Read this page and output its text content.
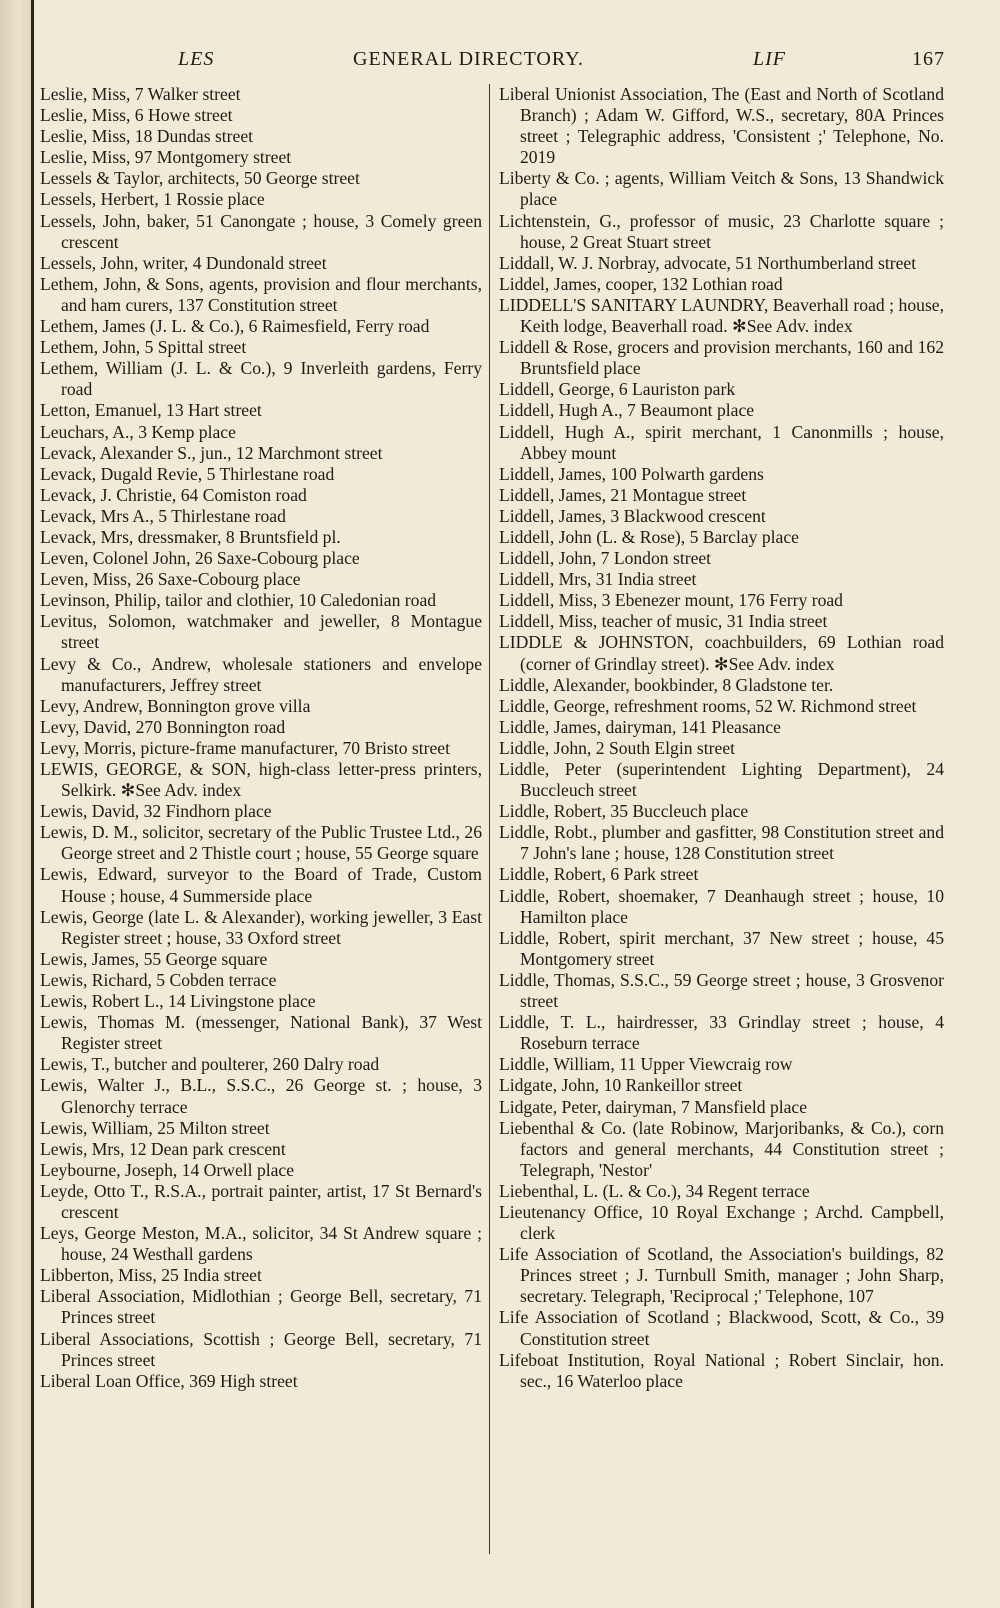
LES	GENERAL DIRECTORY.	LIF	167

Leslie, Miss, 7 Walker street

Leslie, Miss, 6 Howe street

Leslie, Miss, 18 Dundas street

Leslie, Miss, 97 Montgomery street

Lessels & Taylor, architects, 50 George street

Lessels, Herbert, 1 Rossie place

Lessels, John, baker, 51 Canongate ; house, 3 Comely green crescent

Lessels, John, writer, 4 Dundonald street

Lethem, John, & Sons, agents, provision and flour merchants, and ham curers, 137 Constitution street

Lethem, James (J. L. & Co.), 6 Raimesfield, Ferry road

Lethem, John, 5 Spittal street

Lethem, William (J. L. & Co.), 9 Inverleith gardens, Ferry road

Letton, Emanuel, 13 Hart street

Leuchars, A., 3 Kemp place

Levack, Alexander S., jun., 12 Marchmont street

Levack, Dugald Revie, 5 Thirlestane road

Levack, J. Christie, 64 Comiston road

Levack, Mrs A., 5 Thirlestane road

Levack, Mrs, dressmaker, 8 Bruntsfield pl.

Leven, Colonel John, 26 Saxe-Cobourg place

Leven, Miss, 26 Saxe-Cobourg place

Levinson, Philip, tailor and clothier, 10 Caledonian road

Levitus, Solomon, watchmaker and jeweller, 8 Montague street

Levy & Co., Andrew, wholesale stationers and envelope manufacturers, Jeffrey street

Levy, Andrew, Bonnington grove villa

Levy, David, 270 Bonnington road

Levy, Morris, picture-frame manufacturer, 70 Bristo street

LEWIS, GEORGE, & SON, high-class letter-press printers, Selkirk. ✻See Adv. index

Lewis, David, 32 Findhorn place

Lewis, D. M., solicitor, secretary of the Public Trustee Ltd., 26 George street and 2 Thistle court ; house, 55 George square

Lewis, Edward, surveyor to the Board of Trade, Custom House ; house, 4 Summerside place

Lewis, George (late L. & Alexander), working jeweller, 3 East Register street ; house, 33 Oxford street

Lewis, James, 55 George square

Lewis, Richard, 5 Cobden terrace

Lewis, Robert L., 14 Livingstone place

Lewis, Thomas M. (messenger, National Bank), 37 West Register street

Lewis, T., butcher and poulterer, 260 Dalry road

Lewis, Walter J., B.L., S.S.C., 26 George st. ; house, 3 Glenorchy terrace

Lewis, William, 25 Milton street

Lewis, Mrs, 12 Dean park crescent

Leybourne, Joseph, 14 Orwell place

Leyde, Otto T., R.S.A., portrait painter, artist, 17 St Bernard's crescent

Leys, George Meston, M.A., solicitor, 34 St Andrew square ; house, 24 Westhall gardens

Libberton, Miss, 25 India street

Liberal Association, Midlothian ; George Bell, secretary, 71 Princes street

Liberal Associations, Scottish ; George Bell, secretary, 71 Princes street

Liberal Loan Office, 369 High street

Liberal Unionist Association, The (East and North of Scotland Branch) ; Adam W. Gifford, W.S., secretary, 80A Princes street ; Telegraphic address, 'Consistent ;' Telephone, No. 2019

Liberty & Co. ; agents, William Veitch & Sons, 13 Shandwick place

Lichtenstein, G., professor of music, 23 Charlotte square ; house, 2 Great Stuart street

Liddall, W. J. Norbray, advocate, 51 Northumberland street

Liddel, James, cooper, 132 Lothian road

LIDDELL'S SANITARY LAUNDRY, Beaverhall road ; house, Keith lodge, Beaverhall road. ✻See Adv. index

Liddell & Rose, grocers and provision merchants, 160 and 162 Bruntsfield place

Liddell, George, 6 Lauriston park

Liddell, Hugh A., 7 Beaumont place

Liddell, Hugh A., spirit merchant, 1 Canonmills ; house, Abbey mount

Liddell, James, 100 Polwarth gardens

Liddell, James, 21 Montague street

Liddell, James, 3 Blackwood crescent

Liddell, John (L. & Rose), 5 Barclay place

Liddell, John, 7 London street

Liddell, Mrs, 31 India street

Liddell, Miss, 3 Ebenezer mount, 176 Ferry road

Liddell, Miss, teacher of music, 31 India street

LIDDLE & JOHNSTON, coachbuilders, 69 Lothian road (corner of Grindlay street). ✻See Adv. index

Liddle, Alexander, bookbinder, 8 Gladstone ter.

Liddle, George, refreshment rooms, 52 W. Richmond street

Liddle, James, dairyman, 141 Pleasance

Liddle, John, 2 South Elgin street

Liddle, Peter (superintendent Lighting Department), 24 Buccleuch street

Liddle, Robert, 35 Buccleuch place

Liddle, Robt., plumber and gasfitter, 98 Constitution street and 7 John's lane ; house, 128 Constitution street

Liddle, Robert, 6 Park street

Liddle, Robert, shoemaker, 7 Deanhaugh street ; house, 10 Hamilton place

Liddle, Robert, spirit merchant, 37 New street ; house, 45 Montgomery street

Liddle, Thomas, S.S.C., 59 George street ; house, 3 Grosvenor street

Liddle, T. L., hairdresser, 33 Grindlay street ; house, 4 Roseburn terrace

Liddle, William, 11 Upper Viewcraig row

Lidgate, John, 10 Rankeillor street

Lidgate, Peter, dairyman, 7 Mansfield place

Liebenthal & Co. (late Robinow, Marjoribanks, & Co.), corn factors and general merchants, 44 Constitution street ; Telegraph, 'Nestor'

Liebenthal, L. (L. & Co.), 34 Regent terrace

Lieutenancy Office, 10 Royal Exchange ; Archd. Campbell, clerk

Life Association of Scotland, the Association's buildings, 82 Princes street ; J. Turnbull Smith, manager ; John Sharp, secretary. Telegraph, 'Reciprocal ;' Telephone, 107

Life Association of Scotland ; Blackwood, Scott, & Co., 39 Constitution street

Lifeboat Institution, Royal National ; Robert Sinclair, hon. sec., 16 Waterloo place
